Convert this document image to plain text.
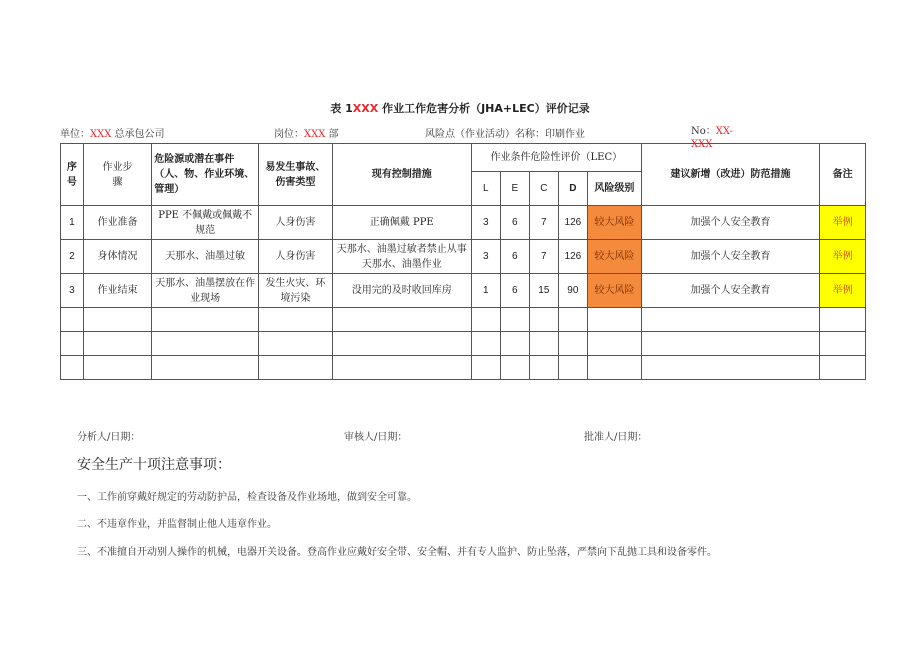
表 1XXX 作业工作危害分析（JHA+LEC）评价记录
单位：XXX 总承包公司	岗位：XXX 部	风险点（作业活动）名称：印刷作业	No：XX-XXX
序号	作业步骤	危险源或潜在事件（人、物、作业环境、管理）	易发生事故、伤害类型	现有控制措施	作业条件危险性评价（LEC）					建议新增（改进）防范措施	备注
					L	E	C	D	风险级别		
1	作业准备	PPE 不佩戴或佩戴不规范	人身伤害	正确佩戴 PPE	3	6	7	126	较大风险	加强个人安全教育	举例
2	身体情况	天那水、油墨过敏	人身伤害	天那水、油墨过敏者禁止从事天那水、油墨作业	3	6	7	126	较大风险	加强个人安全教育	举例
3	作业结束	天那水、油墨摆放在作业现场	发生火灾、环境污染	没用完的及时收回库房	1	6	15	90	较大风险	加强个人安全教育	举例

分析人/日期：	审核人/日期：	批准人/日期：
安全生产十项注意事项：
一、工作前穿戴好规定的劳动防护品，检查设备及作业场地，做到安全可靠。
二、不违章作业，并监督制止他人违章作业。
三、不准擅自开动别人操作的机械，电器开关设备。登高作业应戴好安全带、安全帽、并有专人监护、防止坠落，严禁向下乱抛工具和设备零件。
